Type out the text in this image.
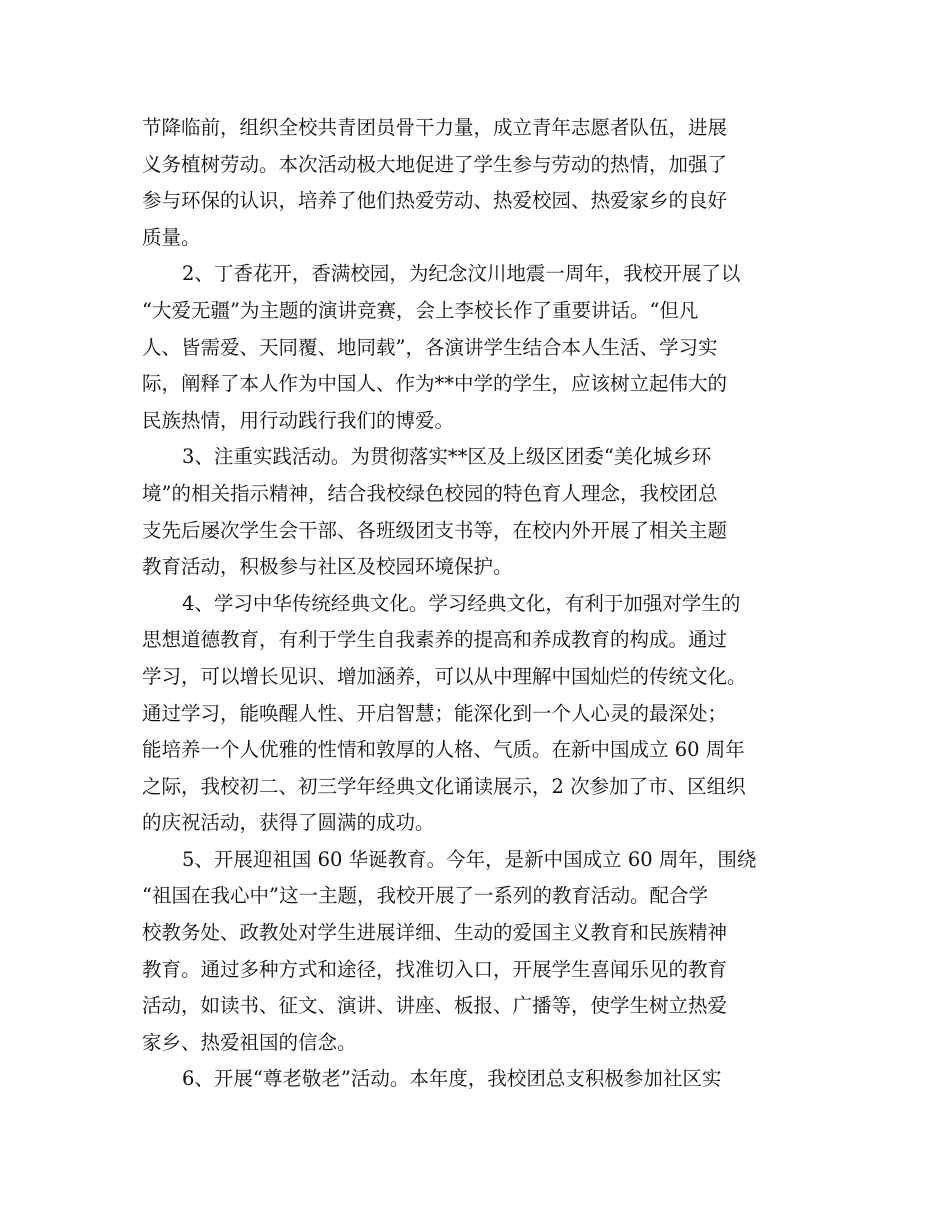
节降临前，组织全校共青团员骨干力量，成立青年志愿者队伍，进展
义务植树劳动。本次活动极大地促进了学生参与劳动的热情，加强了
参与环保的认识，培养了他们热爱劳动、热爱校园、热爱家乡的良好
质量。
2、丁香花开，香满校园，为纪念汶川地震一周年，我校开展了以
“大爱无疆”为主题的演讲竞赛，会上李校长作了重要讲话。“但凡
人、皆需爱、天同覆、地同载”，各演讲学生结合本人生活、学习实
际，阐释了本人作为中国人、作为**中学的学生，应该树立起伟大的
民族热情，用行动践行我们的博爱。
3、注重实践活动。为贯彻落实**区及上级区团委“美化城乡环
境”的相关指示精神，结合我校绿色校园的特色育人理念，我校团总
支先后屡次学生会干部、各班级团支书等，在校内外开展了相关主题
教育活动，积极参与社区及校园环境保护。
4、学习中华传统经典文化。学习经典文化，有利于加强对学生的
思想道德教育，有利于学生自我素养的提高和养成教育的构成。通过
学习，可以增长见识、增加涵养，可以从中理解中国灿烂的传统文化。
通过学习，能唤醒人性、开启智慧；能深化到一个人心灵的最深处；
能培养一个人优雅的性情和敦厚的人格、气质。在新中国成立 60 周年
之际，我校初二、初三学年经典文化诵读展示，2 次参加了市、区组织
的庆祝活动，获得了圆满的成功。
5、开展迎祖国 60 华诞教育。今年，是新中国成立 60 周年，围绕
“祖国在我心中”这一主题，我校开展了一系列的教育活动。配合学
校教务处、政教处对学生进展详细、生动的爱国主义教育和民族精神
教育。通过多种方式和途径，找准切入口，开展学生喜闻乐见的教育
活动，如读书、征文、演讲、讲座、板报、广播等，使学生树立热爱
家乡、热爱祖国的信念。
6、开展“尊老敬老”活动。本年度，我校团总支积极参加社区实
